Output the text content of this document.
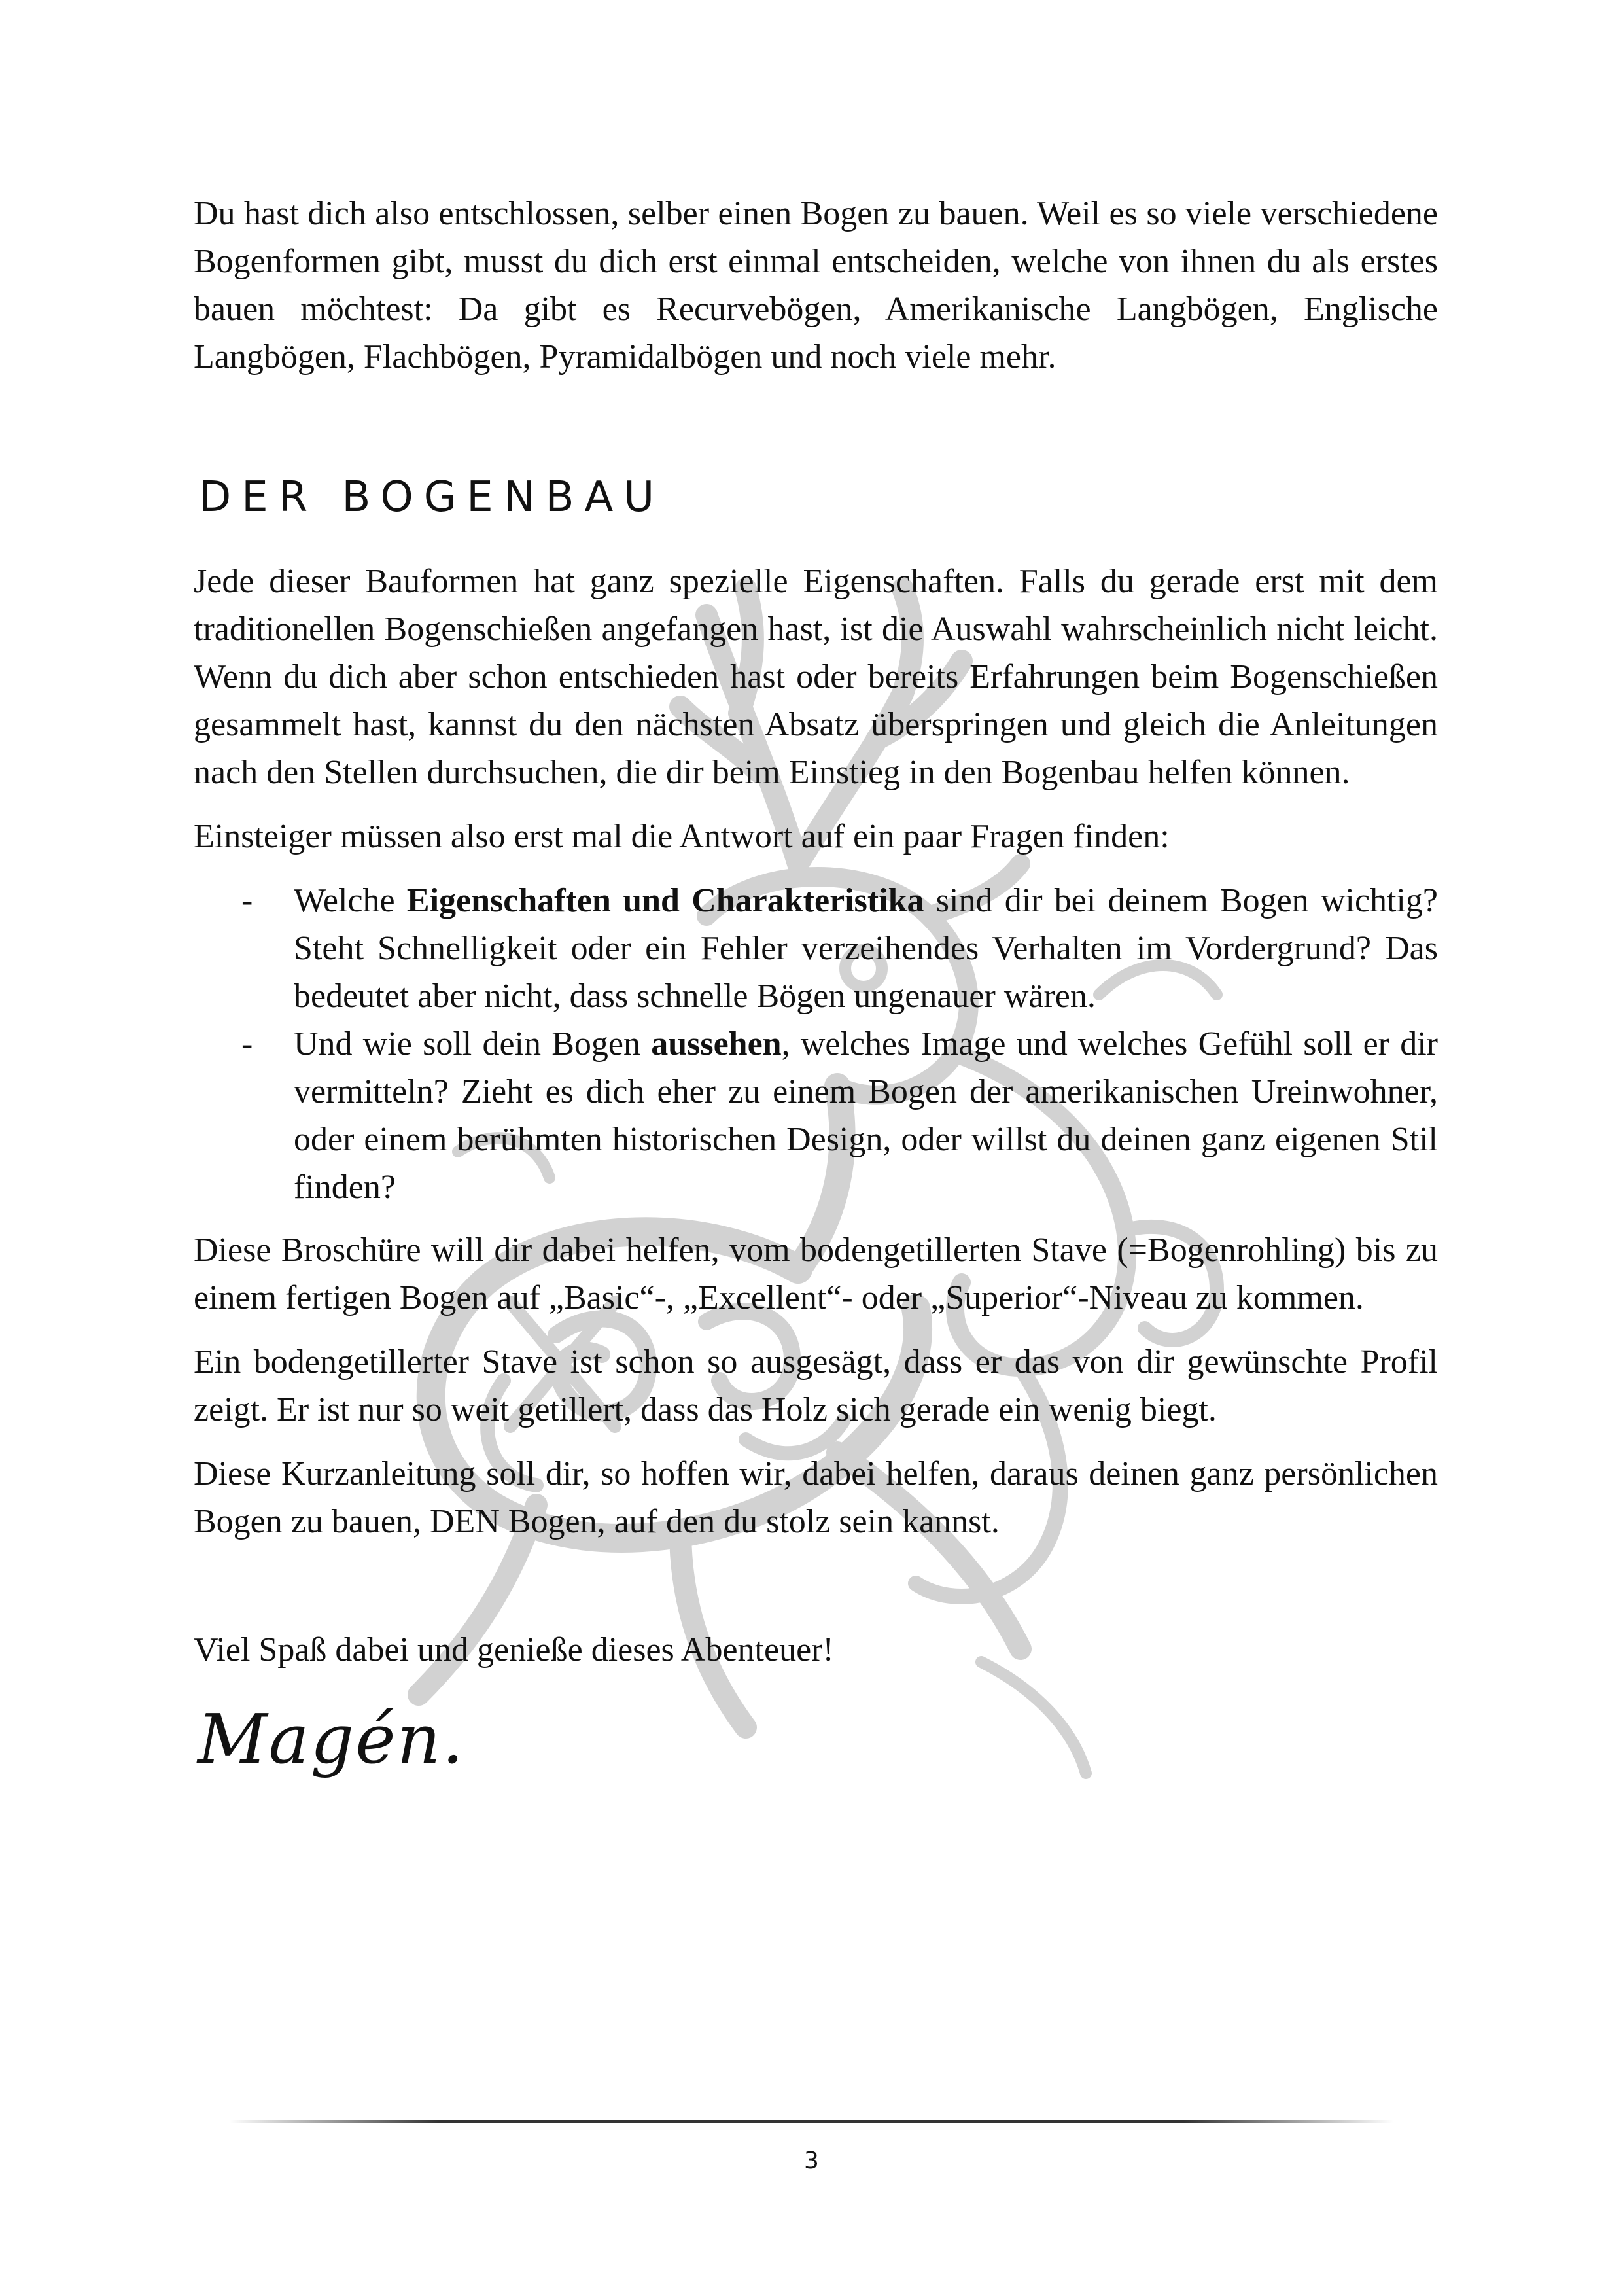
Du hast dich also entschlossen, selber einen Bogen zu bauen. Weil es so viele verschiedene Bogenformen gibt, musst du dich erst einmal entscheiden, welche von ihnen du als erstes bauen möchtest: Da gibt es Recurvebögen, Amerikanische Langbögen, Englische Langbögen, Flachbögen, Pyramidalbögen und noch viele mehr.

DER BOGENBAU

Jede dieser Bauformen hat ganz spezielle Eigenschaften. Falls du gerade erst mit dem traditionellen Bogenschießen angefangen hast, ist die Auswahl wahrscheinlich nicht leicht. Wenn du dich aber schon entschieden hast oder bereits Erfahrungen beim Bogenschießen gesammelt hast, kannst du den nächsten Absatz überspringen und gleich die Anleitungen nach den Stellen durchsuchen, die dir beim Einstieg in den Bogenbau helfen können.

Einsteiger müssen also erst mal die Antwort auf ein paar Fragen finden:

- Welche Eigenschaften und Charakteristika sind dir bei deinem Bogen wichtig? Steht Schnelligkeit oder ein Fehler verzeihendes Verhalten im Vordergrund? Das bedeutet aber nicht, dass schnelle Bögen ungenauer wären.
- Und wie soll dein Bogen aussehen, welches Image und welches Gefühl soll er dir vermitteln? Zieht es dich eher zu einem Bogen der amerikanischen Ureinwohner, oder einem berühmten historischen Design, oder willst du deinen ganz eigenen Stil finden?

Diese Broschüre will dir dabei helfen, vom bodengetillerten Stave (=Bogenrohling) bis zu einem fertigen Bogen auf „Basic“-, „Excellent“- oder „Superior“-Niveau zu kommen.

Ein bodengetillerter Stave ist schon so ausgesägt, dass er das von dir gewünschte Profil zeigt. Er ist nur so weit getillert, dass das Holz sich gerade ein wenig biegt.

Diese Kurzanleitung soll dir, so hoffen wir, dabei helfen, daraus deinen ganz persönlichen Bogen zu bauen, DEN Bogen, auf den du stolz sein kannst.

Viel Spaß dabei und genieße dieses Abenteuer!

Magén.
3
